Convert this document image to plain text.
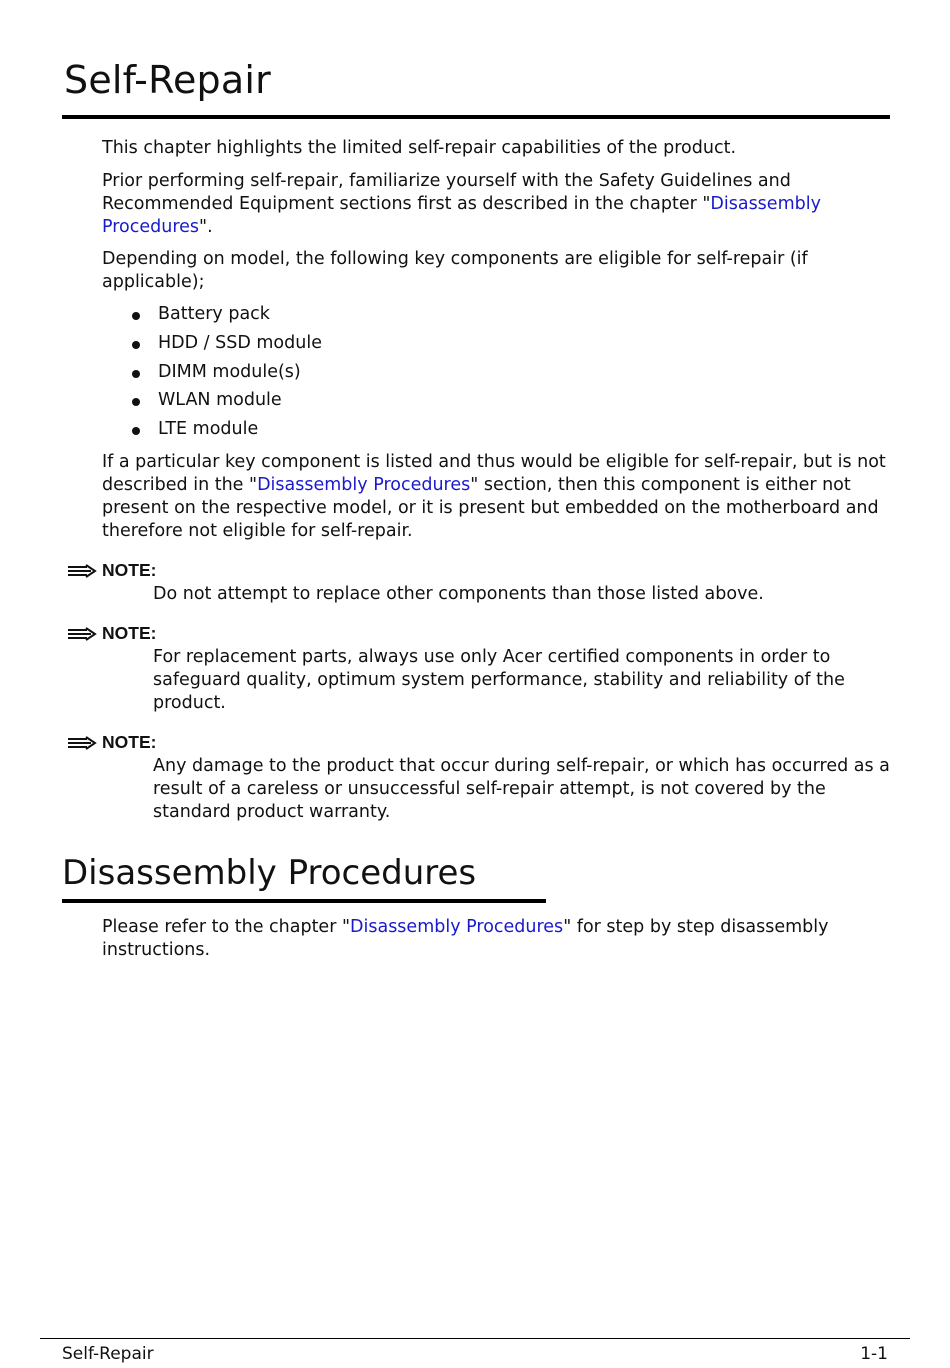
Self-Repair

This chapter highlights the limited self-repair capabilities of the product.

Prior performing self-repair, familiarize yourself with the Safety Guidelines and Recommended Equipment sections first as described in the chapter "Disassembly Procedures".

Depending on model, the following key components are eligible for self-repair (if applicable);

Battery pack
HDD / SSD module
DIMM module(s)
WLAN module
LTE module

If a particular key component is listed and thus would be eligible for self-repair, but is not described in the "Disassembly Procedures" section, then this component is either not present on the respective model, or it is present but embedded on the motherboard and therefore not eligible for self-repair.

NOTE:
Do not attempt to replace other components than those listed above.
NOTE:
For replacement parts, always use only Acer certified components in order to safeguard quality, optimum system performance, stability and reliability of the product.
NOTE:
Any damage to the product that occur during self-repair, or which has occurred as a result of a careless or unsuccessful self-repair attempt, is not covered by the standard product warranty.
Disassembly Procedures

Please refer to the chapter "Disassembly Procedures" for step by step disassembly instructions.

Self-Repair	1-1
